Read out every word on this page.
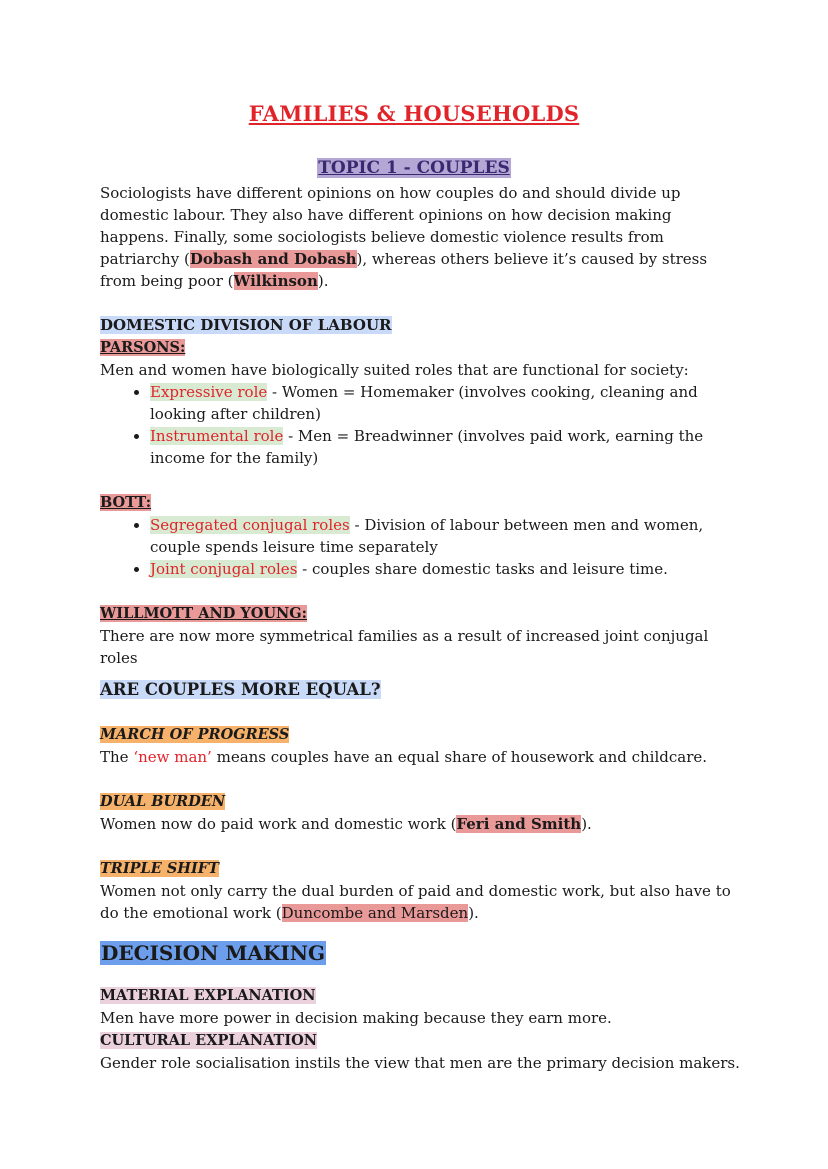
FAMILIES & HOUSEHOLDS
TOPIC 1 - COUPLES

Sociologists have different opinions on how couples do and should divide up domestic labour. They also have different opinions on how decision making happens. Finally, some sociologists believe domestic violence results from patriarchy (Dobash and Dobash), whereas others believe it’s caused by stress from being poor (Wilkinson).

DOMESTIC DIVISION OF LABOUR
PARSONS:

Men and women have biologically suited roles that are functional for society:

• Expressive role - Women = Homemaker (involves cooking, cleaning and looking after children)
• Instrumental role - Men = Breadwinner (involves paid work, earning the income for the family)
BOTT:
• Segregated conjugal roles - Division of labour between men and women, couple spends leisure time separately
• Joint conjugal roles - couples share domestic tasks and leisure time.
WILLMOTT AND YOUNG:

There are now more symmetrical families as a result of increased joint conjugal roles

ARE COUPLES MORE EQUAL?
MARCH OF PROGRESS

The ‘new man’ means couples have an equal share of housework and childcare.

DUAL BURDEN

Women now do paid work and domestic work (Feri and Smith).

TRIPLE SHIFT

Women not only carry the dual burden of paid and domestic work, but also have to do the emotional work (Duncombe and Marsden).

DECISION MAKING
MATERIAL EXPLANATION

Men have more power in decision making because they earn more.

CULTURAL EXPLANATION

Gender role socialisation instils the view that men are the primary decision makers.
